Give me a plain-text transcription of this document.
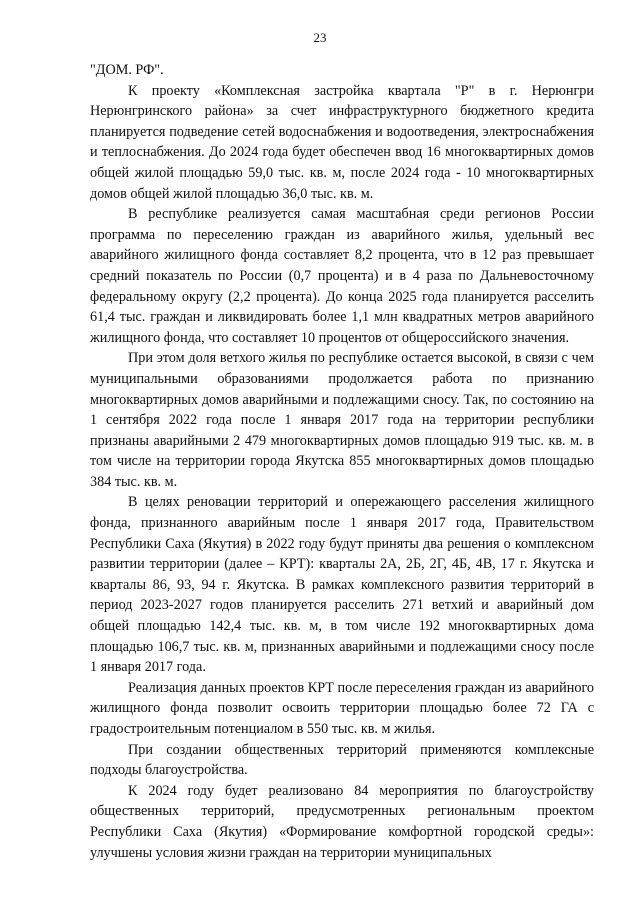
23

"ДОМ. РФ".

К проекту «Комплексная застройка квартала "Р" в г. Нерюнгри Нерюнгринского района» за счет инфраструктурного бюджетного кредита планируется подведение сетей водоснабжения и водоотведения, электроснабжения и теплоснабжения. До 2024 года будет обеспечен ввод 16 многоквартирных домов общей жилой площадью 59,0 тыс. кв. м, после 2024 года - 10 многоквартирных домов общей жилой площадью 36,0 тыс. кв. м.

В республике реализуется самая масштабная среди регионов России программа по переселению граждан из аварийного жилья, удельный вес аварийного жилищного фонда составляет 8,2 процента, что в 12 раз превышает средний показатель по России (0,7 процента) и в 4 раза по Дальневосточному федеральному округу (2,2 процента). До конца 2025 года планируется расселить 61,4 тыс. граждан и ликвидировать более 1,1 млн квадратных метров аварийного жилищного фонда, что составляет 10 процентов от общероссийского значения.

При этом доля ветхого жилья по республике остается высокой, в связи с чем муниципальными образованиями продолжается работа по признанию многоквартирных домов аварийными и подлежащими сносу. Так, по состоянию на 1 сентября 2022 года после 1 января 2017 года на территории республики признаны аварийными 2 479 многоквартирных домов площадью 919 тыс. кв. м. в том числе на территории города Якутска 855 многоквартирных домов площадью 384 тыс. кв. м.

В целях реновации территорий и опережающего расселения жилищного фонда, признанного аварийным после 1 января 2017 года, Правительством Республики Саха (Якутия) в 2022 году будут приняты два решения о комплексном развитии территории (далее – КРТ): кварталы 2А, 2Б, 2Г, 4Б, 4В, 17 г. Якутска и кварталы 86, 93, 94 г. Якутска. В рамках комплексного развития территорий в период 2023-2027 годов планируется расселить 271 ветхий и аварийный дом общей площадью 142,4 тыс. кв. м, в том числе 192 многоквартирных дома площадью 106,7 тыс. кв. м, признанных аварийными и подлежащими сносу после 1 января 2017 года.

Реализация данных проектов КРТ после переселения граждан из аварийного жилищного фонда позволит освоить территории площадью более 72 ГА с градостроительным потенциалом в 550 тыс. кв. м жилья.

При создании общественных территорий применяются комплексные подходы благоустройства.

К 2024 году будет реализовано 84 мероприятия по благоустройству общественных территорий, предусмотренных региональным проектом Республики Саха (Якутия) «Формирование комфортной городской среды»: улучшены условия жизни граждан на территории муниципальных
